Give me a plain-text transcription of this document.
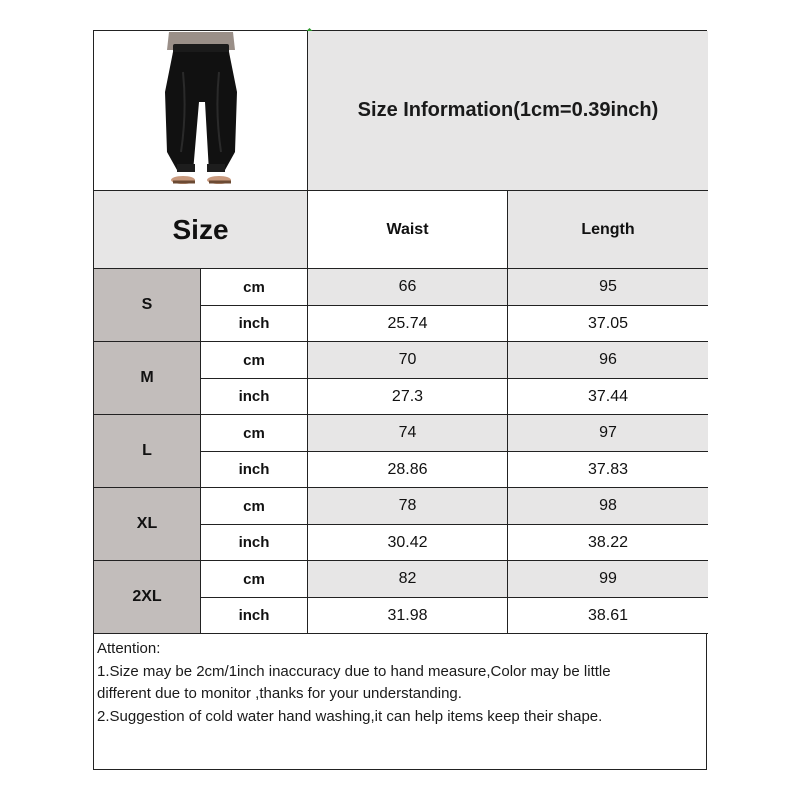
Size Information(1cm=0.39inch)
Size	Waist	Length
S
cm	66	95
inch	25.74	37.05
M
cm	70	96
inch	27.3	37.44
L
cm	74	97
inch	28.86	37.83
XL
cm	78	98
inch	30.42	38.22
2XL
cm	82	99
inch	31.98	38.61

Attention:

1.Size may be 2cm/1inch inaccuracy due to hand measure,Color may be little

different due to monitor ,thanks for your understanding.

2.Suggestion of cold water hand washing,it can help items keep their shape.
